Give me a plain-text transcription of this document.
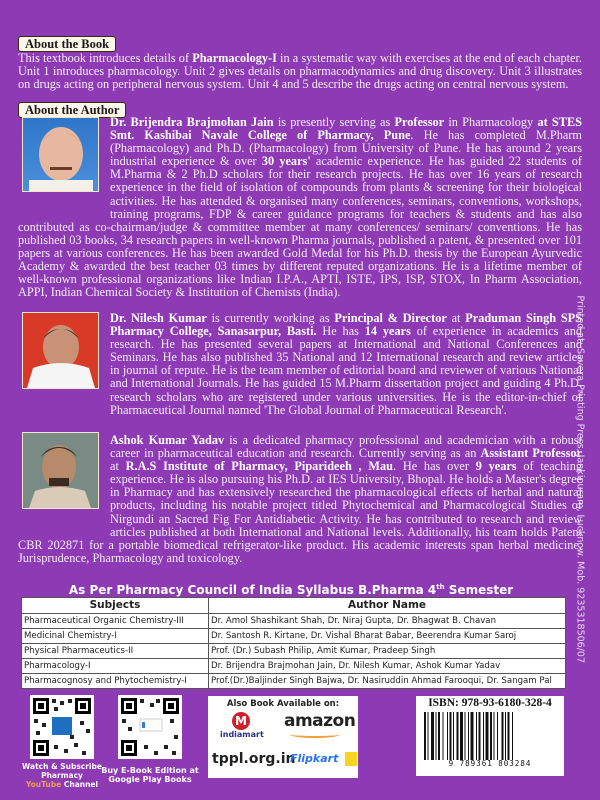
About the Book
This textbook introduces details of Pharmacology-I in a systematic way with exercises at the end of each chapter. Unit 1 introduces pharmacology. Unit 2 gives details on pharmacodynamics and drug discovery. Unit 3 illustrates on drugs acting on peripheral nervous system. Unit 4 and 5 describe the drugs acting on central nervous system.
About the Author
Dr. Brijendra Brajmohan Jain is presently serving as Professor in Pharmacology at STES Smt. Kashibai Navale College of Pharmacy, Pune. He has completed M.Pharm (Pharmacology) and Ph.D. (Pharmacology) from University of Pune. He has around 2 years industrial experience & over 30 years' academic experience. He has guided 22 students of M.Pharma & 2 Ph.D scholars for their research projects. He has over 16 years of research experience in the field of isolation of compounds from plants & screening for their biological activities. He has attended & organised many conferences, seminars, conventions, workshops, training programs, FDP & career guidance programs for teachers & students and has also contributed as co-chairman/judge & committee member at many conferences/ seminars/ conventions. He has published 03 books, 34 research papers in well-known Pharma journals, published a patent, & presented over 101 papers at various conferences. He has been awarded Gold Medal for his Ph.D. thesis by the European Ayurvedic Academy & awarded the best teacher 03 times by different reputed organizations. He is a lifetime member of well-known professional organizations like Indian I.P.A., APTI, ISTE, IPS, ISP, STOX, In Pharm Association, APPI, Indian Chemical Society & Institution of Chemists (India).
Dr. Nilesh Kumar is currently working as Principal & Director at Praduman Singh SPS Pharmacy College, Sanasarpur, Basti. He has 14 years of experience in academics and research. He has presented several papers at International and National Conferences and Seminars. He has also published 35 National and 12 International research and review articles in journal of repute. He is the team member of editorial board and reviewer of various National and International Journals. He has guided 15 M.Pharm dissertation project and guiding 4 Ph.D. research scholars who are registered under various universities. He is the editor-in-chief of Pharmaceutical Journal named 'The Global Journal of Pharmaceutical Research'.
Ashok Kumar Yadav is a dedicated pharmacy professional and academician with a robust career in pharmaceutical education and research. Currently serving as an Assistant Professor at R.A.S Institute of Pharmacy, Piparideeh , Mau. He has over 9 years of teaching experience. He is also pursuing his Ph.D. at IES University, Bhopal. He holds a Master's degree in Pharmacy and has extensively researched the pharmacological effects of herbal and natural products, including his notable project titled Phytochemical and Pharmacological Studies of Nirgundi an Sacred Fig For Antidiabetic Activity. He has contributed to research and review articles published at both International and National levels. Additionally, his team holds Patent CBR 202871 for a portable biomedical refrigerator-like product. His academic interests span herbal medicine, Jurisprudence, Pharmacology and toxicology.	Printed at: Savera Printing Press, Jankipuram, Lucknow. Mob. 9235318506/07
As Per Pharmacy Council of India Syllabus B.Pharma 4th Semester
Subjects	Author Name
Pharmaceutical Organic Chemistry-III	Dr. Amol Shashikant Shah, Dr. Niraj Gupta, Dr. Bhagwat B. Chavan
Medicinal Chemistry-I	Dr. Santosh R. Kirtane, Dr. Vishal Bharat Babar, Beerendra Kumar Saroj
Physical Pharmaceutics-II	Prof. (Dr.) Subash Philip, Amit Kumar, Pradeep Singh
Pharmacology-I	Dr. Brijendra Brajmohan Jain, Dr. Nilesh Kumar, Ashok Kumar Yadav
Pharmacognosy and Phytochemistry-I	Prof.(Dr.)Baljinder Singh Bajwa, Dr. Nasiruddin Ahmad Farooqui, Dr. Sangam Pal
Watch & Subscribe
Pharmacy
YouTube Channel
Buy E-Book Edition at
Google Play Books
Also Book Available on:
M
indiamart
amazon
tppl.org.in
Flipkart
ISBN: 978-93-6180-328-4
9 789361 803284
